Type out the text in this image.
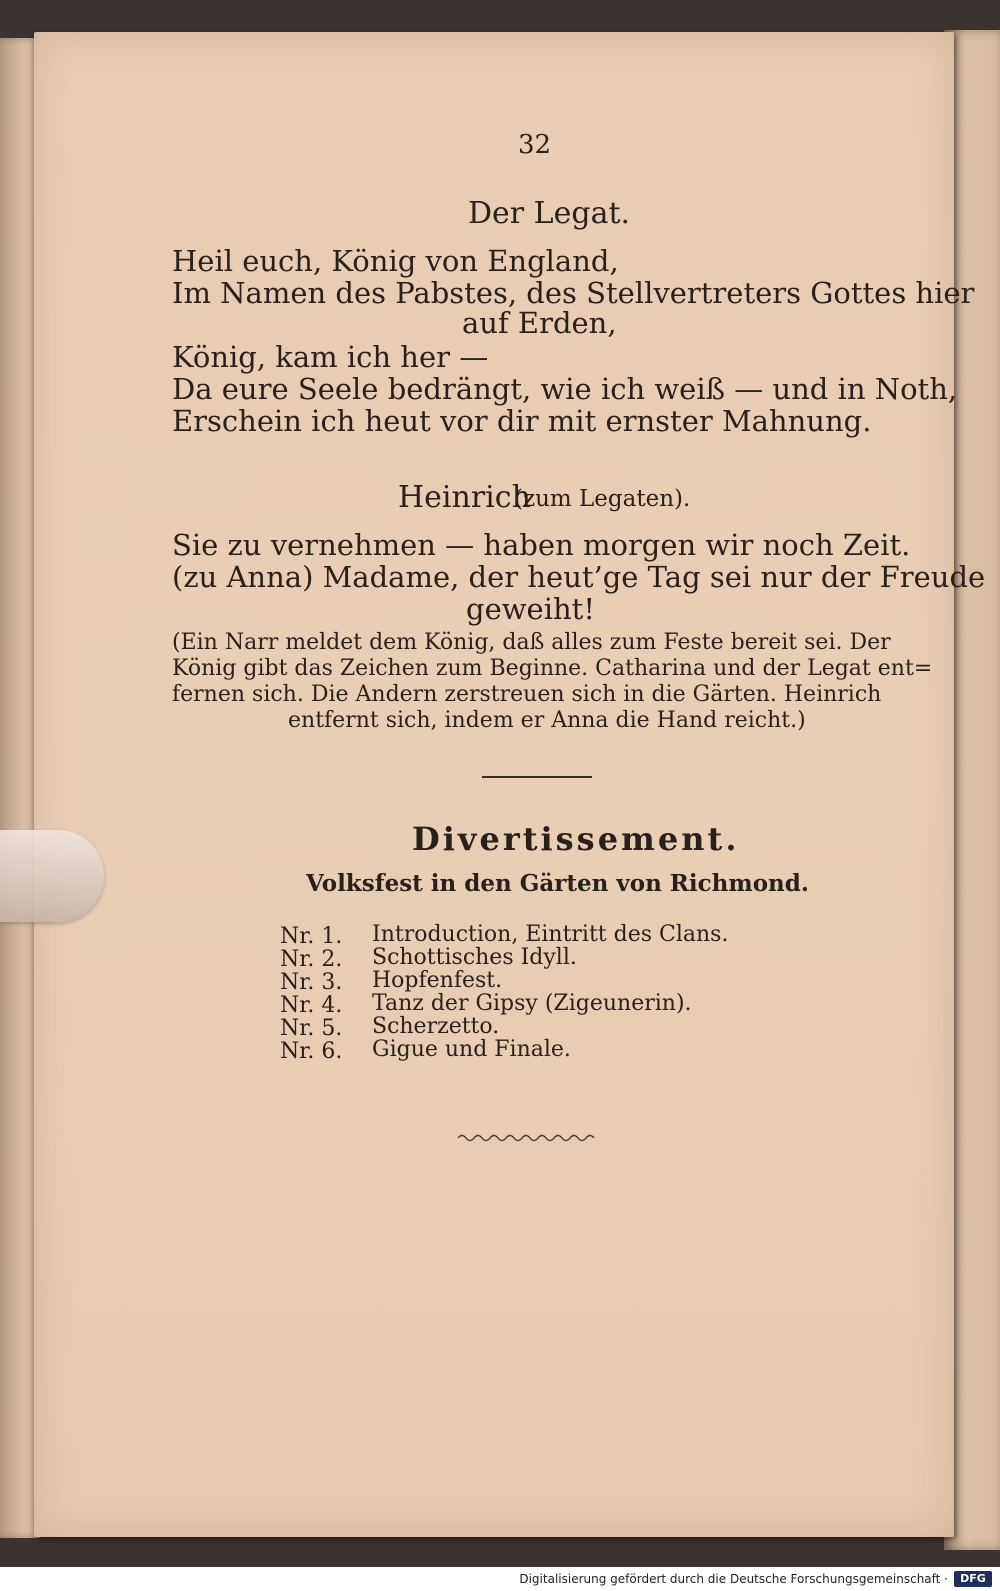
32
Der Legat.
Heil euch, König von England,
Im Namen des Pabstes, des Stellvertreters Gottes hier
auf Erden,
König, kam ich her —
Da eure Seele bedrängt, wie ich weiß — und in Noth,
Erschein ich heut vor dir mit ernster Mahnung.
Heinrich
(zum Legaten).
Sie zu vernehmen — haben morgen wir noch Zeit.
(zu Anna) Madame, der heut’ge Tag sei nur der Freude
geweiht!
(Ein Narr meldet dem König, daß alles zum Feste bereit sei. Der
König gibt das Zeichen zum Beginne. Catharina und der Legat ent=
fernen sich. Die Andern zerstreuen sich in die Gärten. Heinrich
entfernt sich, indem er Anna die Hand reicht.)
Divertissement.
Volksfest in den Gärten von Richmond.
Nr. 1. Introduction, Eintritt des Clans.
Nr. 2. Schottisches Idyll.
Nr. 3. Hopfenfest.
Nr. 4. Tanz der Gipsy (Zigeunerin).
Nr. 5. Scherzetto.
Nr. 6. Gigue und Finale.
Digitalisierung gefördert durch die Deutsche Forschungsgemeinschaft ·	DFG
